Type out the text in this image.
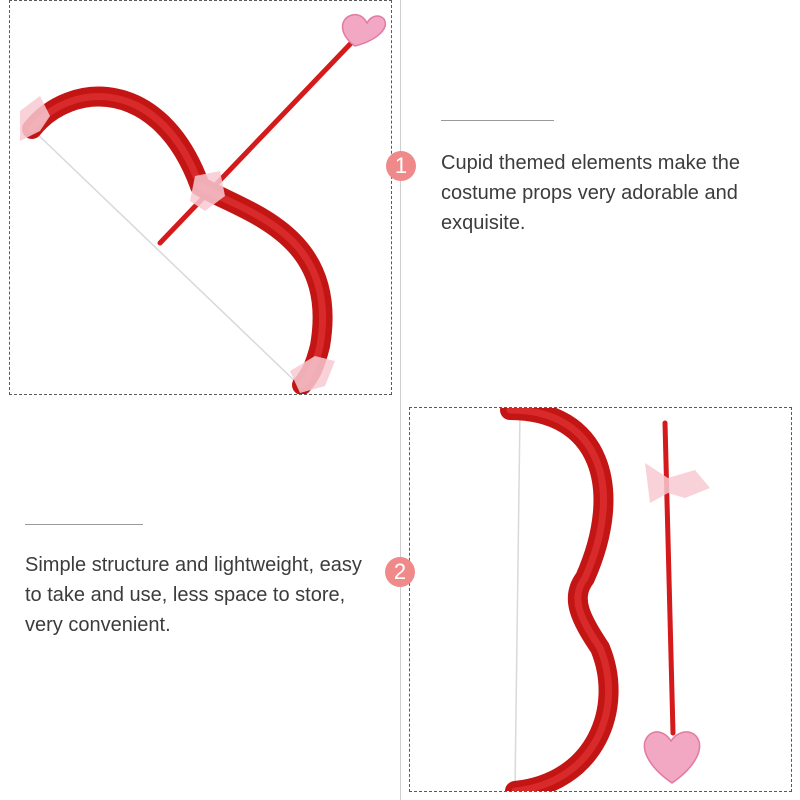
1	Cupid themed elements make the costume props very adorable and exquisite.

2

Simple structure and lightweight, easy to take and use, less space to store, very convenient.
